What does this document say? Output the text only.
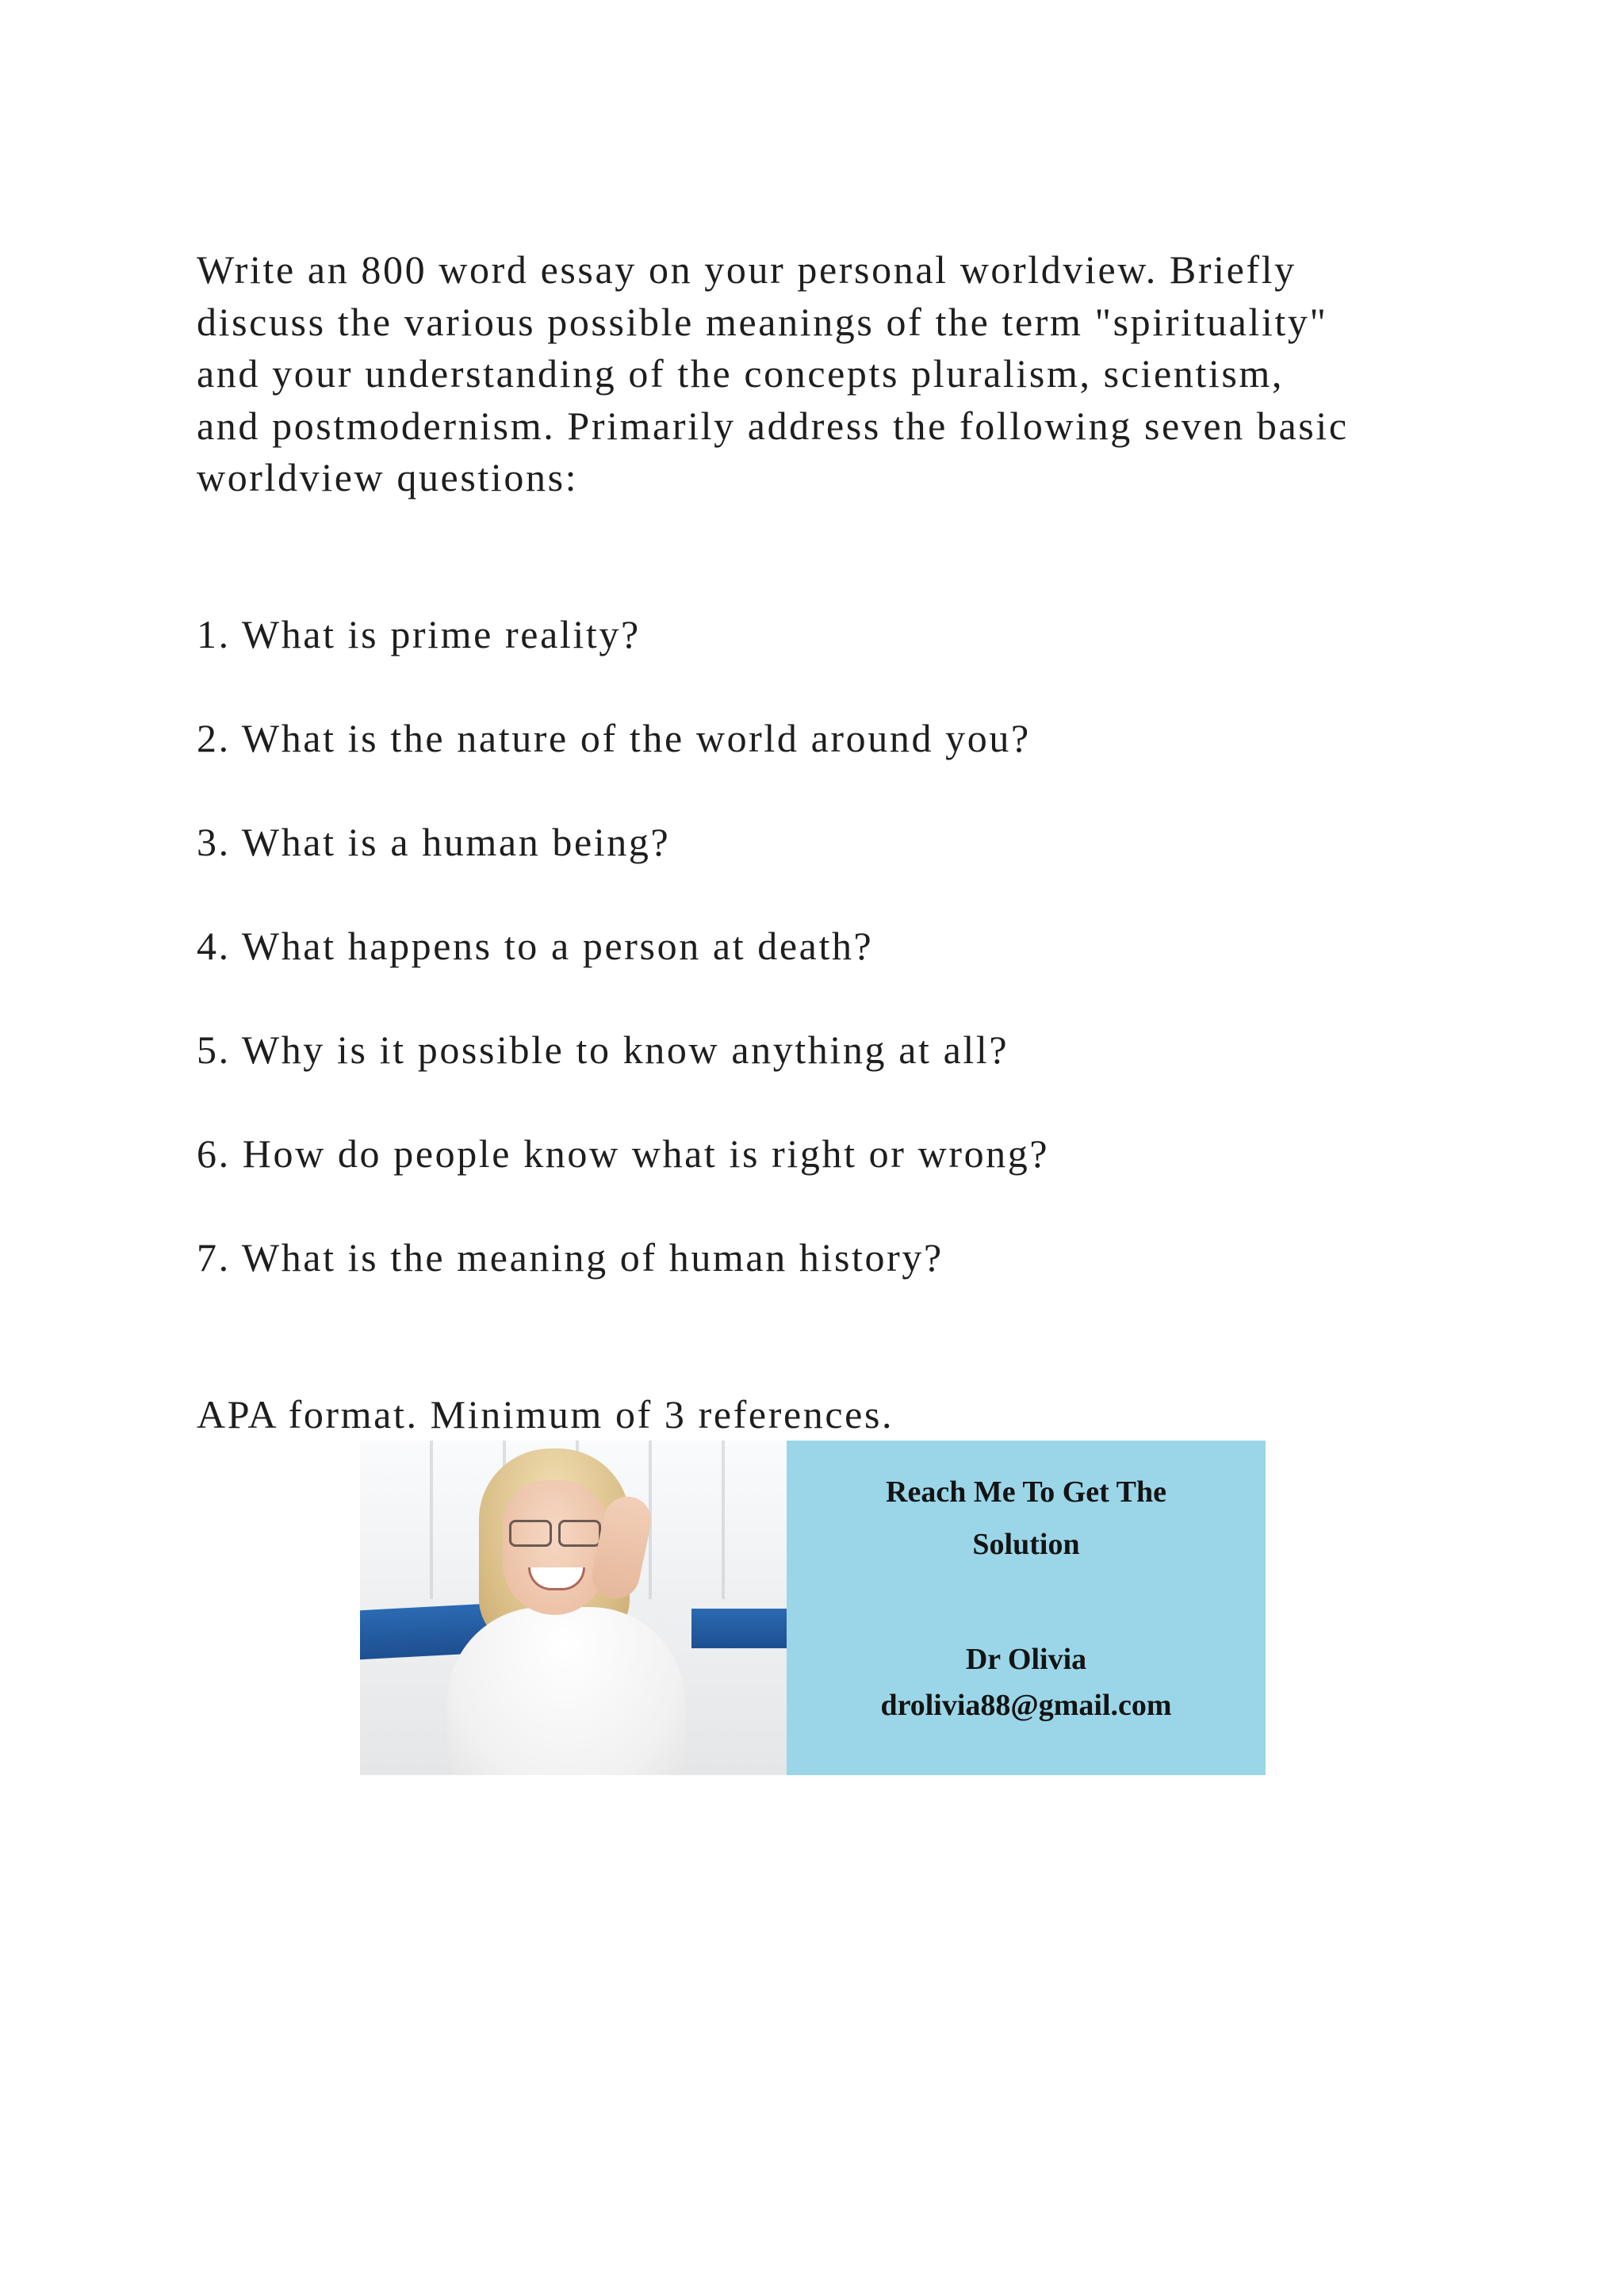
Write an 800 word essay on your personal worldview. Briefly
discuss the various possible meanings of the term "spirituality"
and your understanding of the concepts pluralism, scientism,
and postmodernism. Primarily address the following seven basic
worldview questions:

1. What is prime reality?
2. What is the nature of the world around you?
3. What is a human being?
4. What happens to a person at death?
5. Why is it possible to know anything at all?
6. How do people know what is right or wrong?
7. What is the meaning of human history?

APA format. Minimum of 3 references.

Reach Me To Get The
Solution
Dr Olivia
drolivia88@gmail.com
